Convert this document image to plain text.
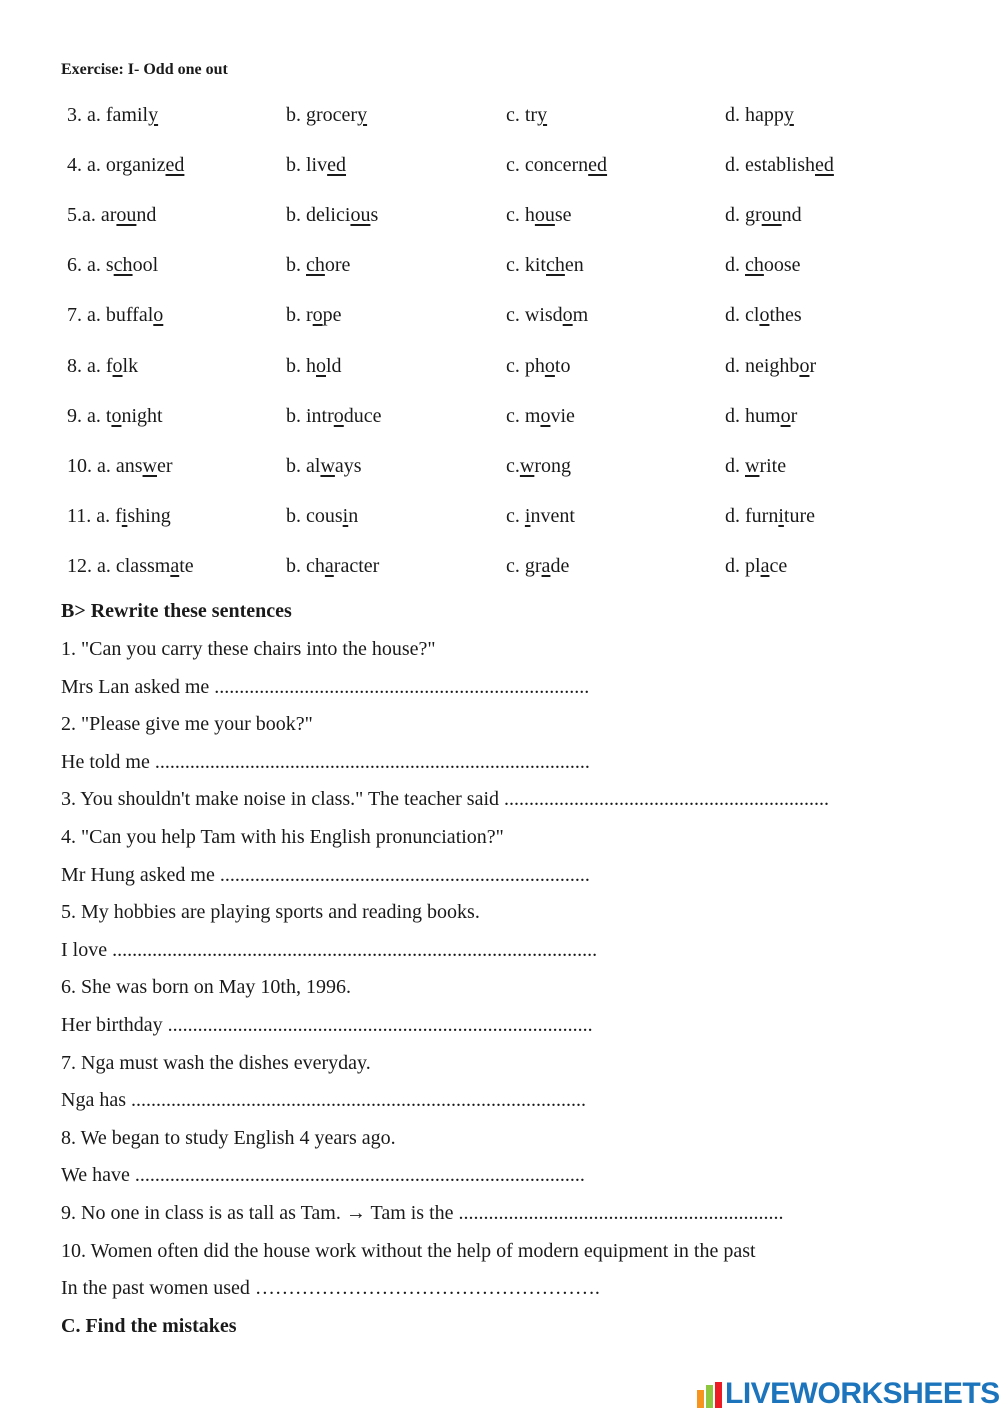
Exercise: I- Odd one out
3. a. family	b. grocery	c. try	d. happy
4. a. organized	b. lived	c. concerned	d. established
5.a. around	b. delicious	c. house	d. ground
6. a. school	b. chore	c. kitchen	d. choose
7. a. buffalo	b. rope	c. wisdom	d. clothes
8. a. folk	b. hold	c. photo	d. neighbor
9. a. tonight	b. introduce	c. movie	d. humor
10. a. answer	b. always	c.wrong	d. write
11. a. fishing	b. cousin	c. invent	d. furniture
12. a. classmate	b. character	c. grade	d. place
B> Rewrite these sentences
1. "Can you carry these chairs into the house?"
Mrs Lan asked me ...........................................................................
2. "Please give me your book?"
He told me .......................................................................................
3. You shouldn't make noise in class." The teacher said .................................................................
4. "Can you help Tam with his English pronunciation?"
Mr Hung asked me ..........................................................................
5. My hobbies are playing sports and reading books.
I love .................................................................................................
6. She was born on May 10th, 1996.
Her birthday .....................................................................................
7. Nga must wash the dishes everyday.
Nga has ...........................................................................................
8. We began to study English 4 years ago.
We have ..........................................................................................
9. No one in class is as tall as Tam. → Tam is the .................................................................
10. Women often did the house work without the help of modern equipment in the past
In the past women used …………………………………………….
C. Find the mistakes
LIVEWORKSHEETS
